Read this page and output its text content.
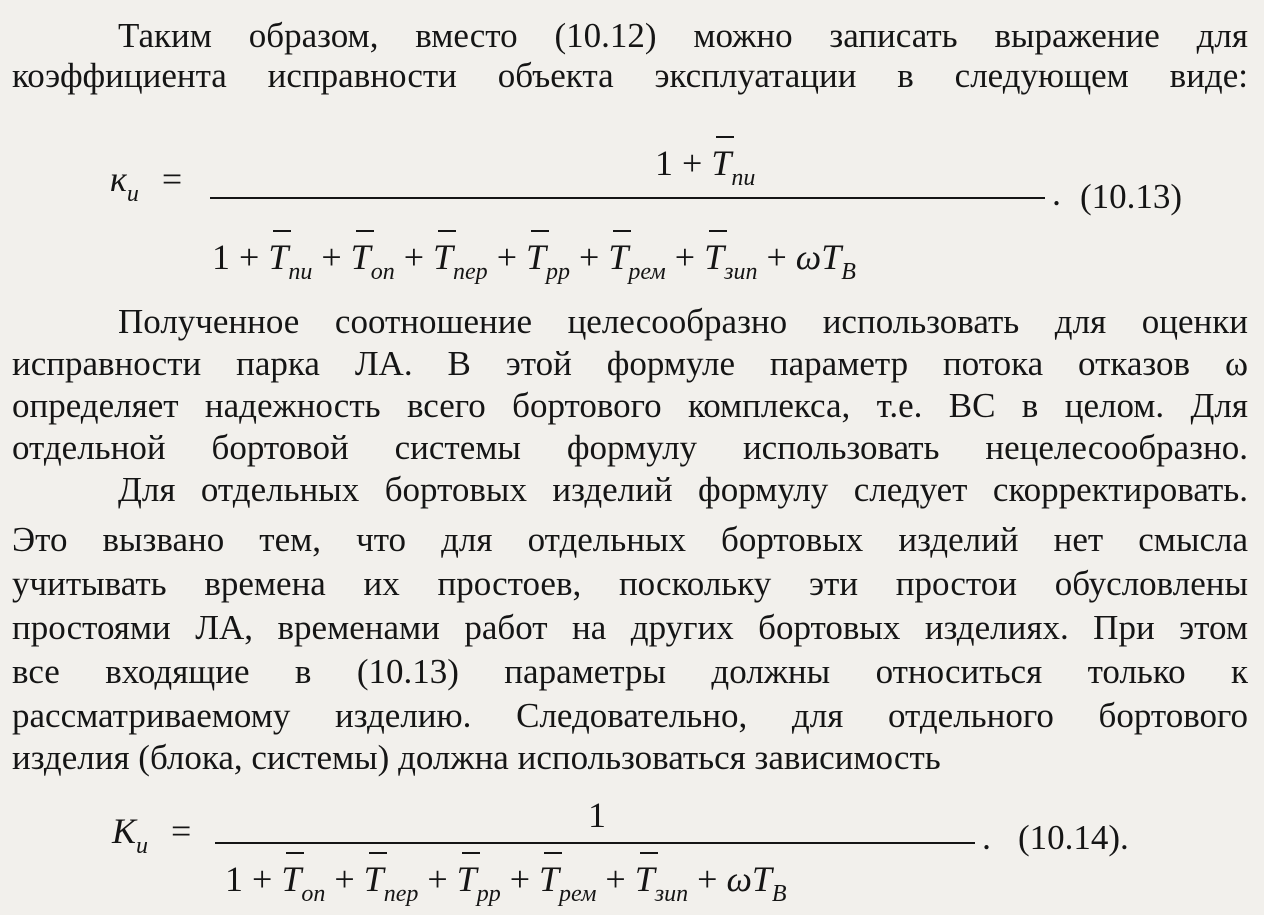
Таким образом, вместо (10.12) можно записать выражение для
коэффициента исправности объекта эксплуатации в следующем виде:
$к_и$ =	$1 + T_{пи}$	. (10.13)
$1 + T_{пи} + T_{оп} + T_{пер} + T_{рр} + T_{рем} + T_{зип} + \omega T_B$
Полученное соотношение целесообразно использовать для оценки
исправности парка ЛА. В этой формуле параметр потока отказов ω
определяет надежность всего бортового комплекса, т.е. ВС в целом. Для
отдельной бортовой системы формулу использовать нецелесообразно.
Для отдельных бортовых изделий формулу следует скорректировать.
Это вызвано тем, что для отдельных бортовых изделий нет смысла
учитывать времена их простоев, поскольку эти простои обусловлены
простоями ЛА, временами работ на других бортовых изделиях. При этом
все входящие в (10.13) параметры должны относиться только к
рассматриваемому изделию. Следовательно, для отдельного бортового
изделия (блока, системы) должна использоваться зависимость
$K_и$ =	1
. (10.14).
$1 + T_{оп} + T_{пер} + T_{рр} + T_{рем} + T_{зип} + \omega T_B$
